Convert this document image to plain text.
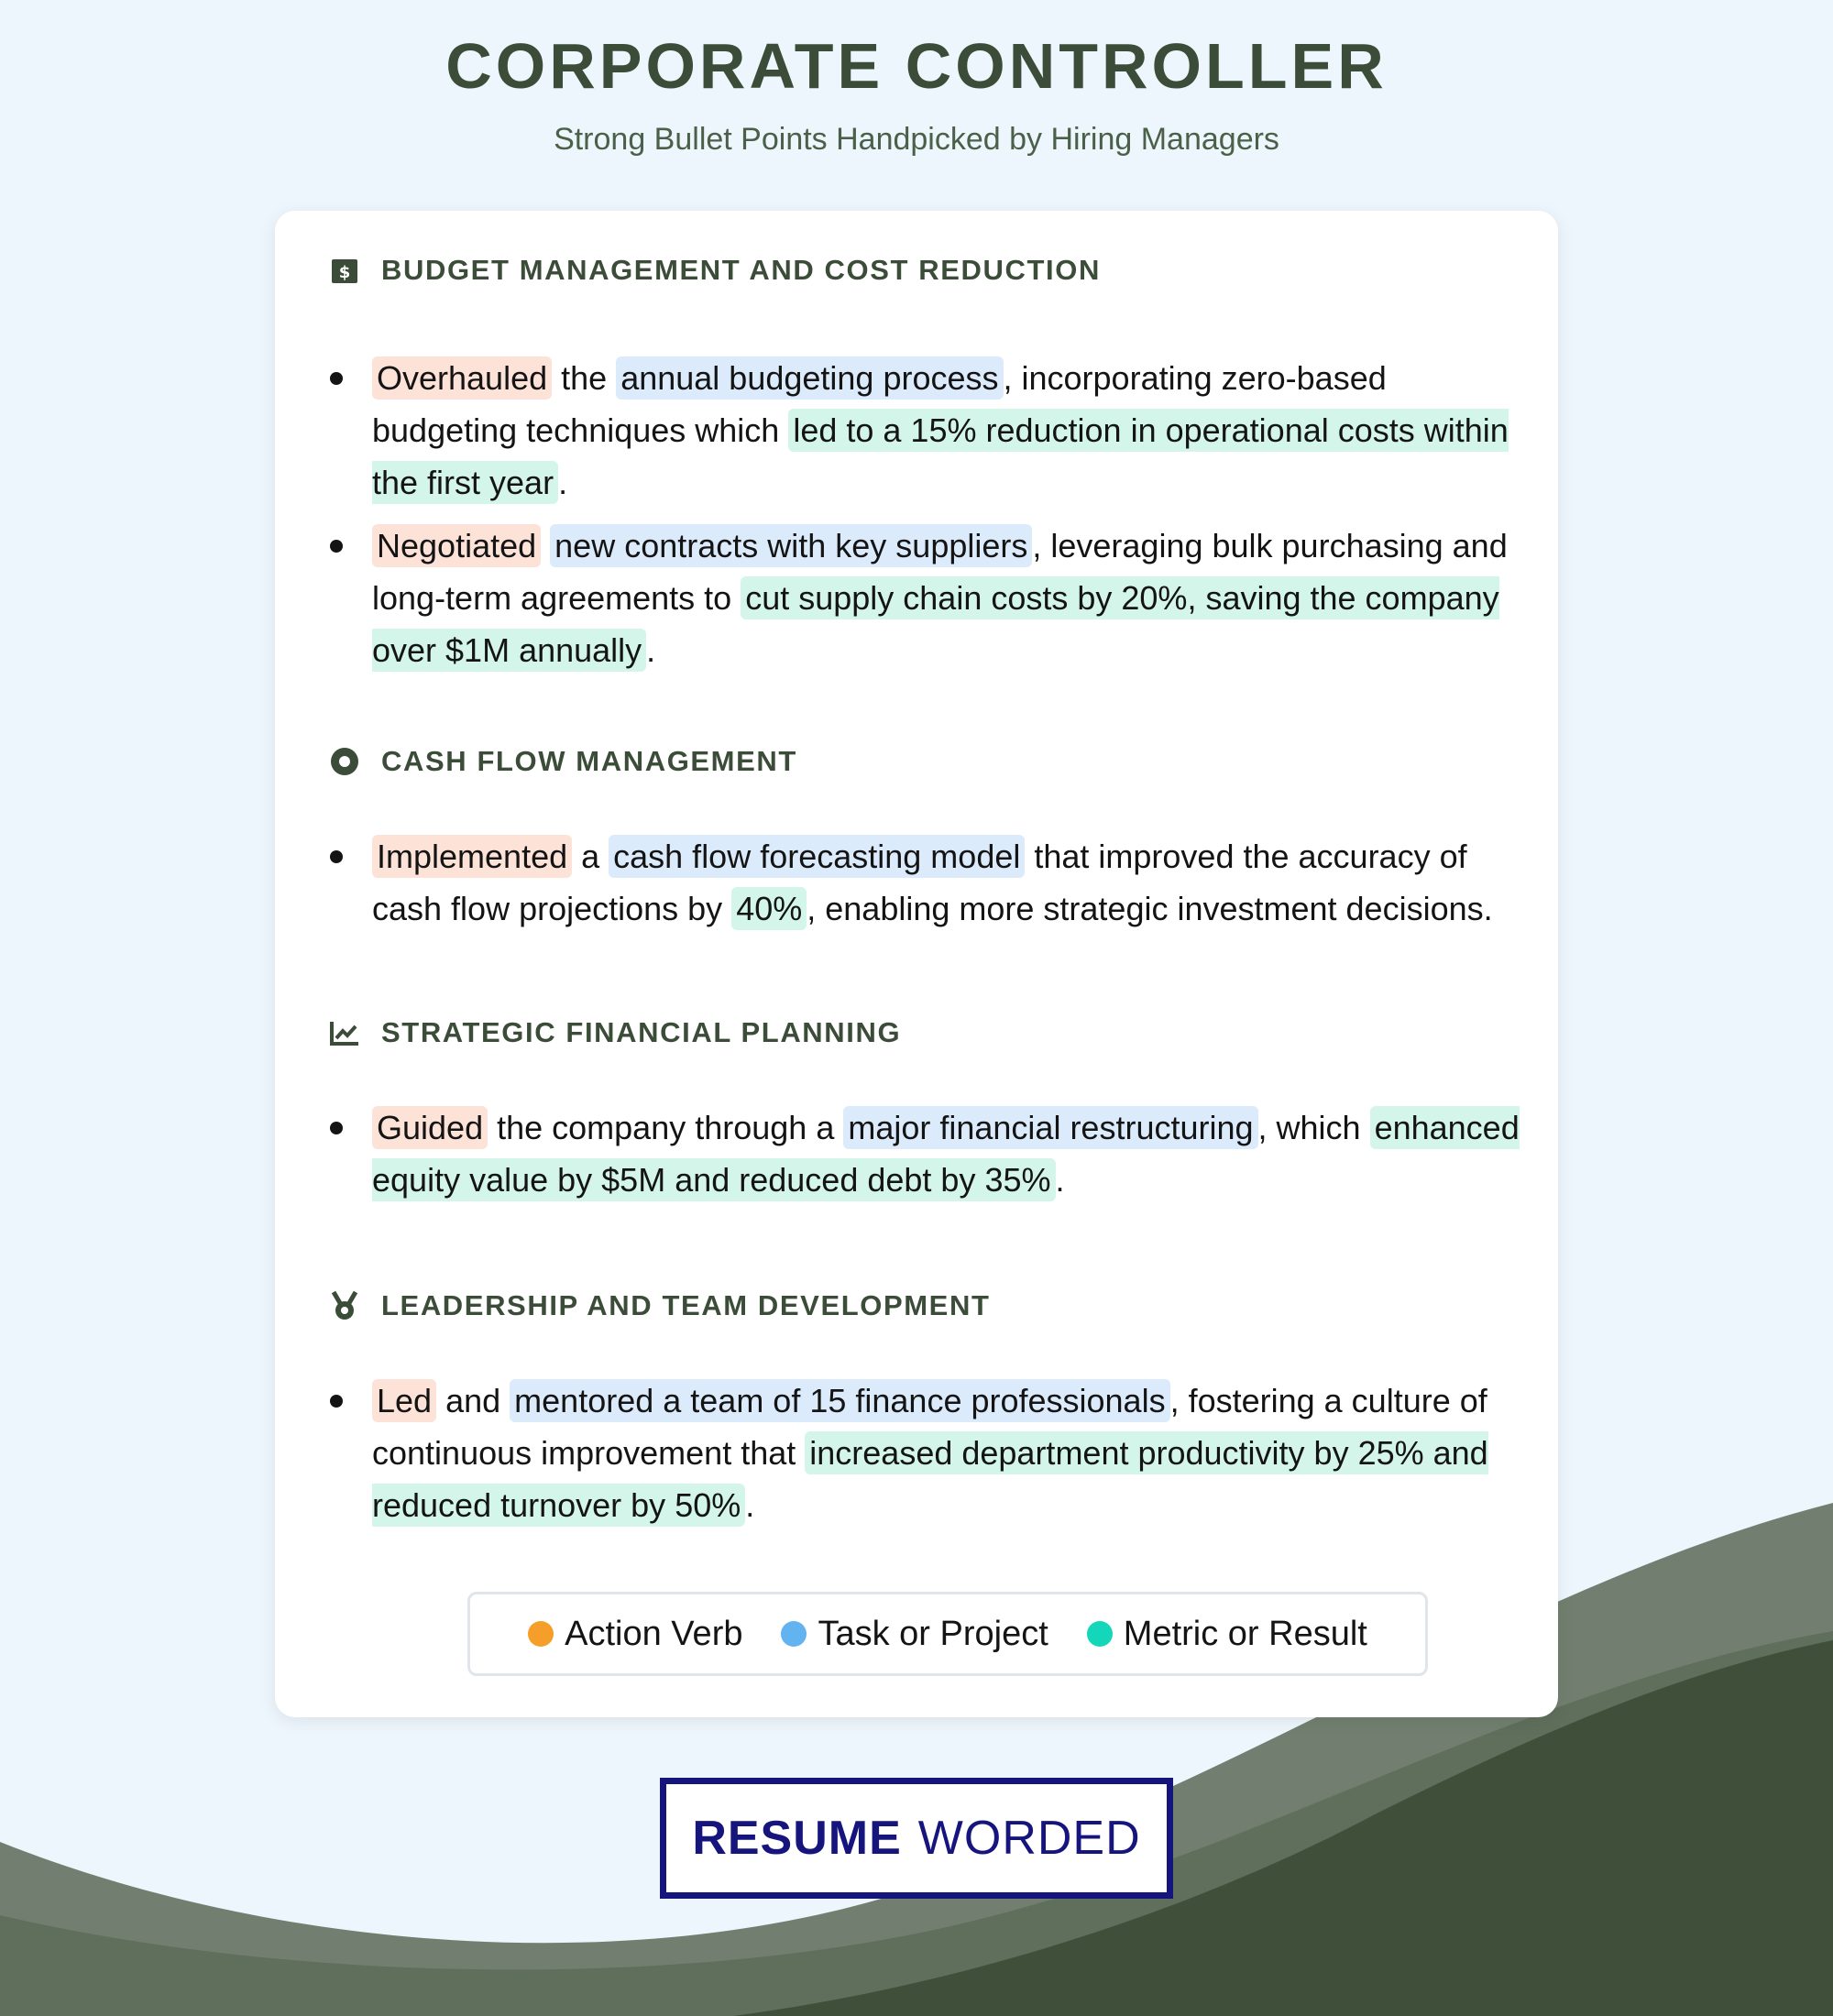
CORPORATE CONTROLLER
Strong Bullet Points Handpicked by Hiring Managers
$ BUDGET MANAGEMENT AND COST REDUCTION
Overhauled the annual budgeting process , incorporating zero-based budgeting techniques which led to a 15% reduction in operational costs within the first year .
Negotiated new contracts with key suppliers , leveraging bulk purchasing and long-term agreements to cut supply chain costs by 20%, saving the company over $1M annually .
CASH FLOW MANAGEMENT
Implemented a cash flow forecasting model that improved the accuracy of cash flow projections by 40% , enabling more strategic investment decisions.
STRATEGIC FINANCIAL PLANNING
Guided the company through a major financial restructuring , which enhanced equity value by $5M and reduced debt by 35% .
LEADERSHIP AND TEAM DEVELOPMENT
Led and mentored a team of 15 finance professionals , fostering a culture of continuous improvement that increased department productivity by 25% and reduced turnover by 50% .
Action Verb Task or Project Metric or Result
RESUME WORDED
